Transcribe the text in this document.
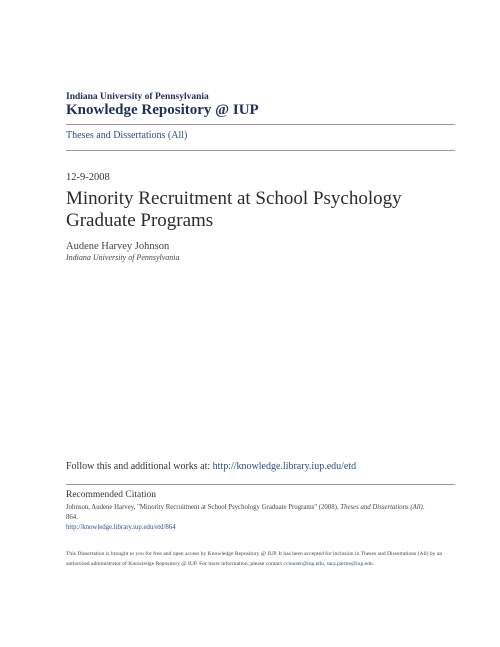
Indiana University of Pennsylvania
Knowledge Repository @ IUP
Theses and Dissertations (All)
12-9-2008
Minority Recruitment at School Psychology Graduate Programs
Audene Harvey Johnson
Indiana University of Pennsylvania
Follow this and additional works at: http://knowledge.library.iup.edu/etd
Recommended Citation
Johnson, Audene Harvey, "Minority Recruitment at School Psychology Graduate Programs" (2008). Theses and Dissertations (All). 864.
http://knowledge.library.iup.edu/etd/864
This Dissertation is brought to you for free and open access by Knowledge Repository @ IUP. It has been accepted for inclusion in Theses and Dissertations (All) by an authorized administrator of Knowledge Repository @ IUP. For more information, please contact cclouser@iup.edu, sara.parme@iup.edu.
